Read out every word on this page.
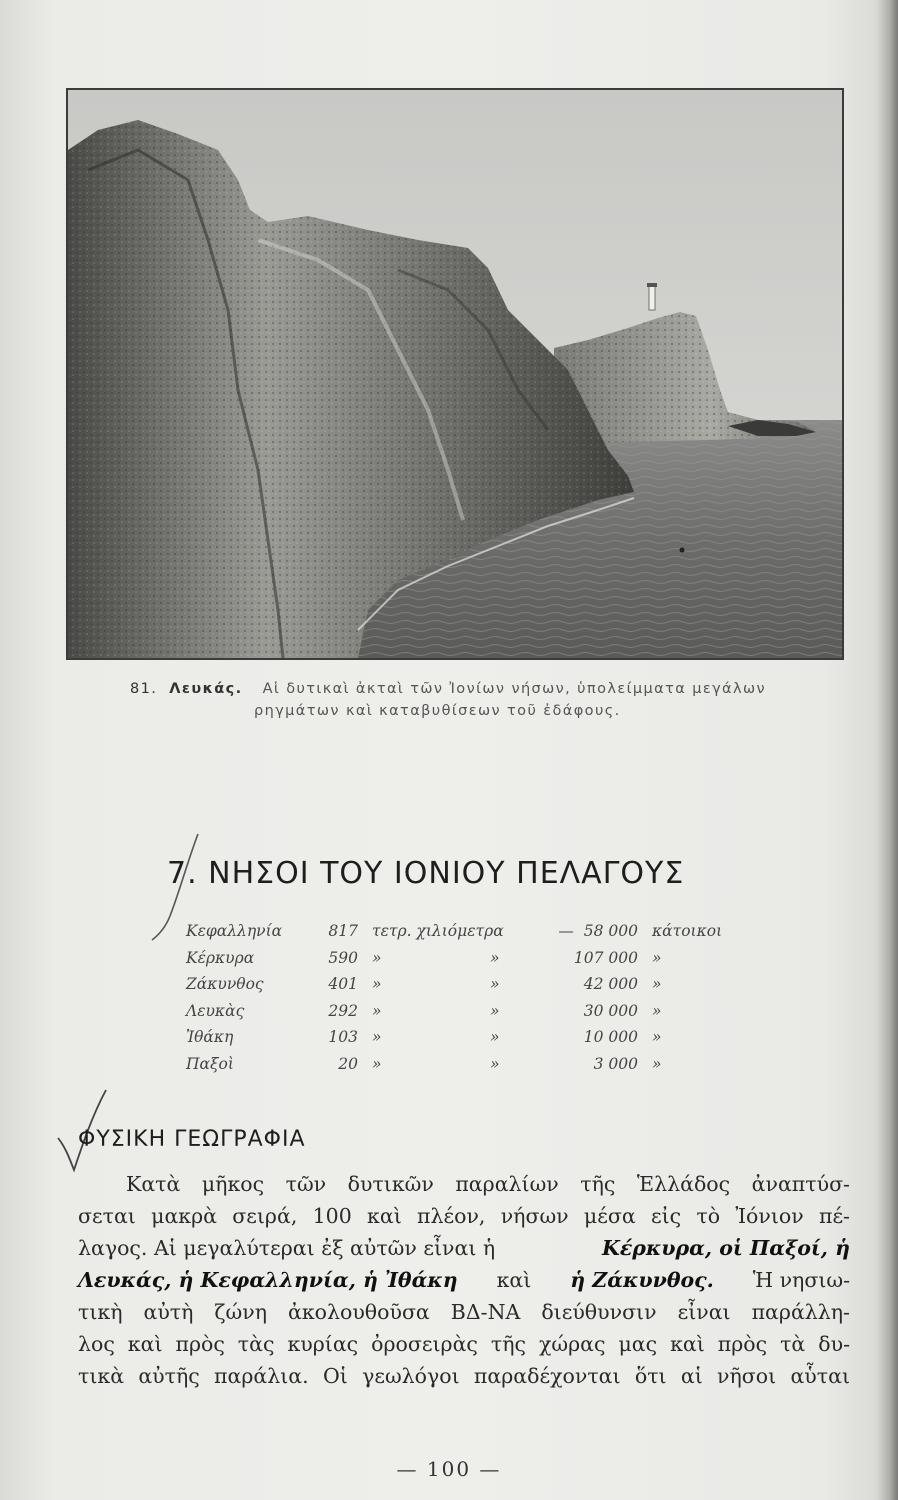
81. Λευκάς. Αἱ δυτικαὶ ἀκταὶ τῶν Ἰονίων νήσων, ὑπολείμματα μεγάλων
ρηγμάτων καὶ καταβυθίσεων τοῦ ἐδάφους.
7. ΝΗΣΟΙ ΤΟΥ ΙΟΝΙΟΥ ΠΕΛΑΓΟΥΣ
Κεφαλληνία	817	τετρ. χιλιόμετρα		— 58 000	κάτοικοι
Κέρκυρα	590	»	»	107 000	»
Ζάκυνθος	401	»	»	42 000	»
Λευκὰς	292	»	»	30 000	»
Ἰθάκη	103	»	»	10 000	»
Παξοὶ	20	»	»	3 000	»
ΦΥΣΙΚΗ ΓΕΩΓΡΑΦΙΑ
Κατὰ μῆκος τῶν δυτικῶν παραλίων τῆς Ἑλλάδος ἀναπτύσ-
σεται μακρὰ σειρά, 100 καὶ πλέον, νήσων μέσα εἰς τὸ Ἰόνιον πέ-
λαγος. Αἱ μεγαλύτεραι ἐξ αὐτῶν εἶναι ἡ	Κέρκυρα, οἱ Παξοί, ἡ
Λευκάς, ἡ Κεφαλληνία, ἡ Ἰθάκη καὶ ἡ Ζάκυνθος. Ἡ νησιω-
τικὴ αὐτὴ ζώνη ἀκολουθοῦσα ΒΔ-ΝΑ διεύθυνσιν εἶναι παράλλη-
λος καὶ πρὸς τὰς κυρίας ὀροσειρὰς τῆς χώρας μας καὶ πρὸς τὰ δυ-
τικὰ αὐτῆς παράλια. Οἱ γεωλόγοι παραδέχονται ὅτι αἱ νῆσοι αὗται
— 100 —
